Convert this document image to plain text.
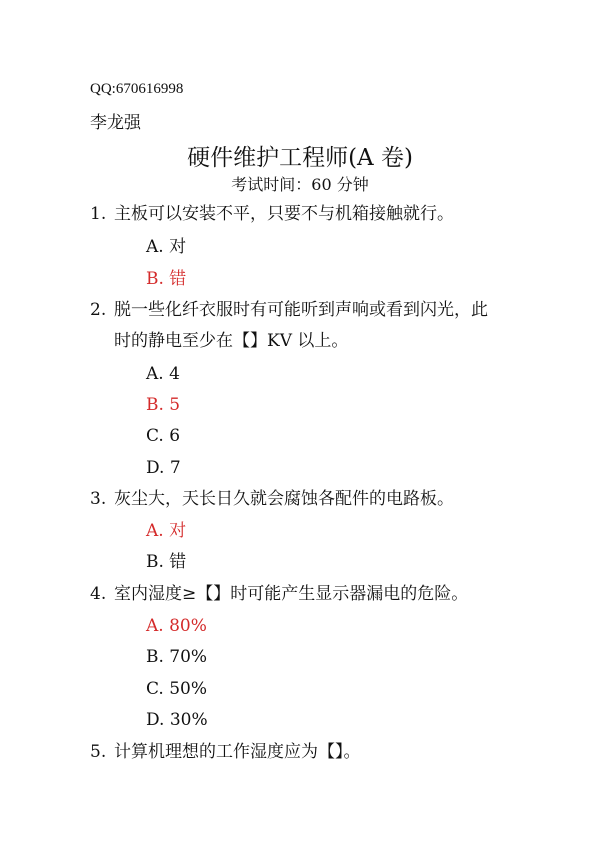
QQ:670616998
李龙强
硬件维护工程师(A 卷)
考试时间：60 分钟
1. 主板可以安装不平，只要不与机箱接触就行。
A. 对
B. 错
2. 脱一些化纤衣服时有可能听到声响或看到闪光，此
时的静电至少在【】KV 以上。
A. 4
B. 5
C. 6
D. 7
3. 灰尘大，天长日久就会腐蚀各配件的电路板。
A. 对
B. 错
4. 室内湿度≥【】时可能产生显示器漏电的危险。
A. 80%
B. 70%
C. 50%
D. 30%
5. 计算机理想的工作湿度应为【】。
